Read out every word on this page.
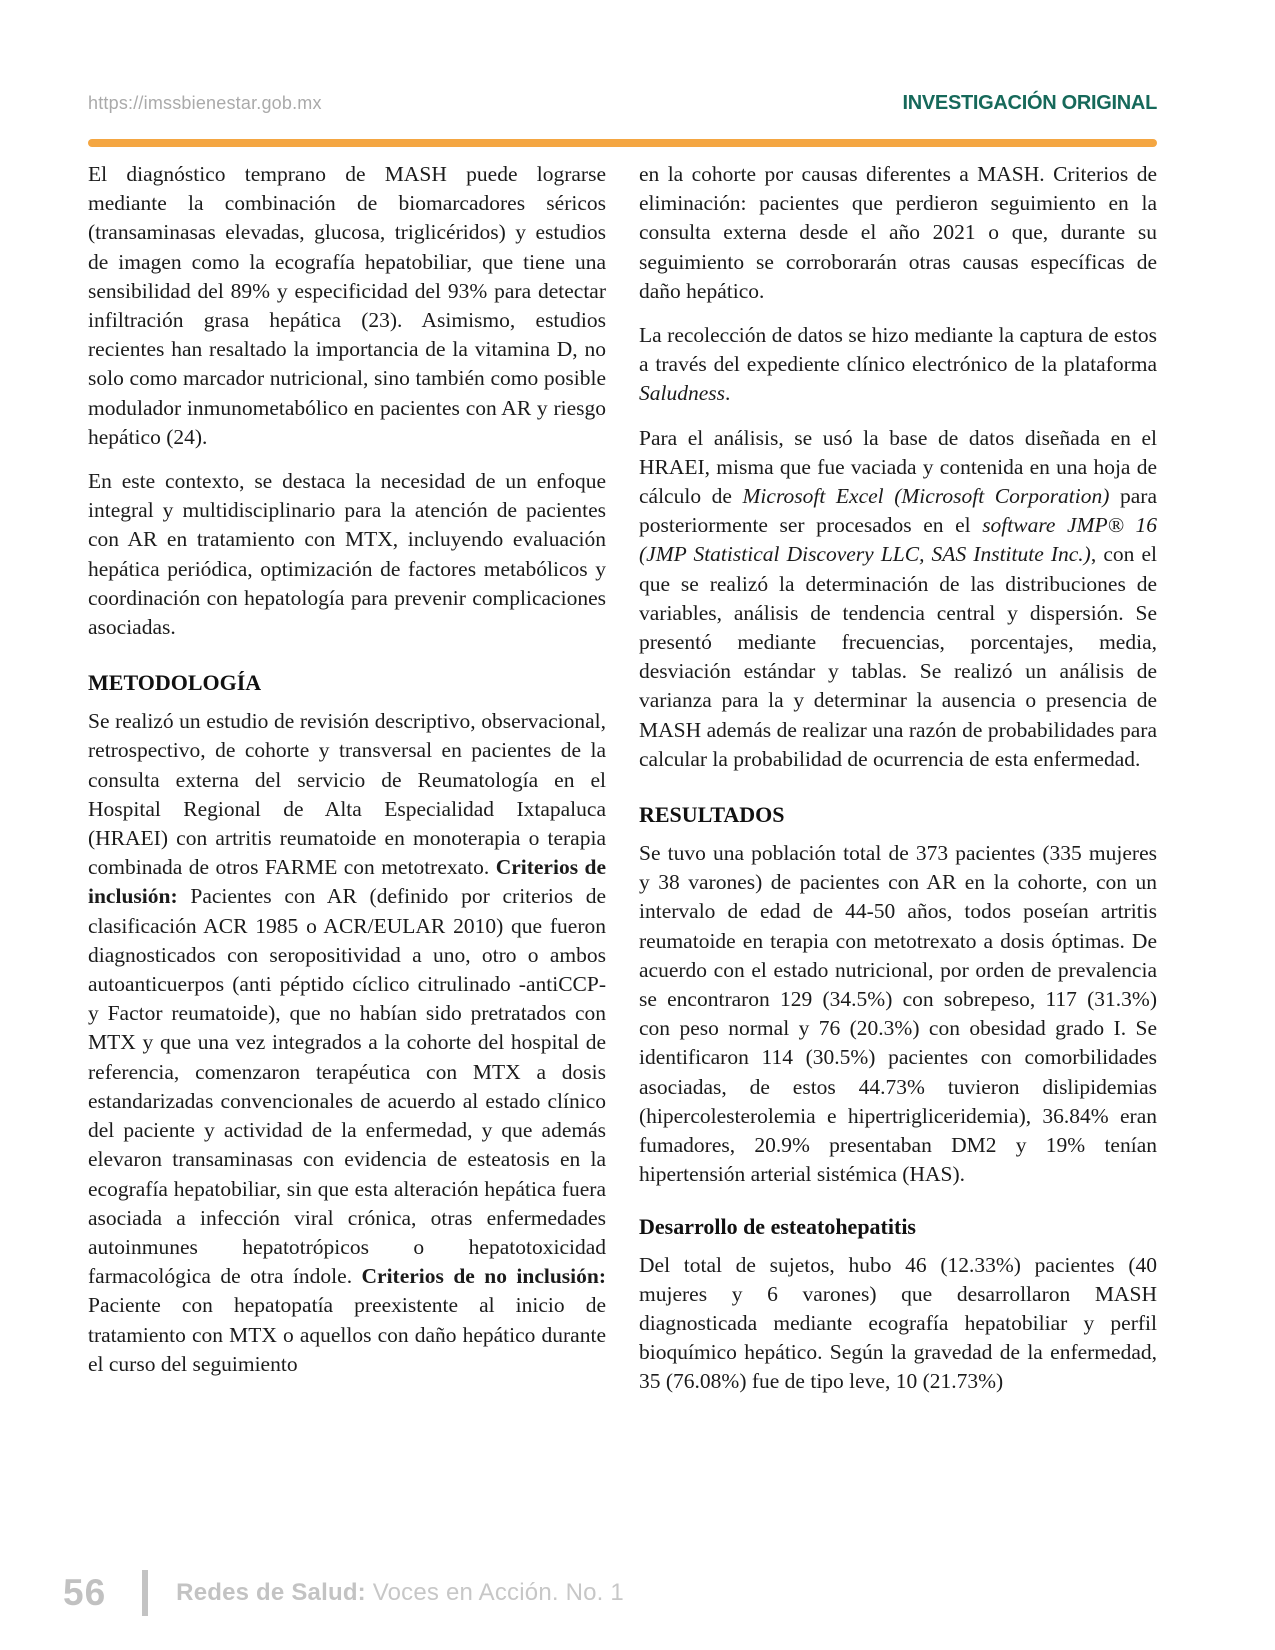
https://imssbienestar.gob.mx	INVESTIGACIÓN ORIGINAL

El diagnóstico temprano de MASH puede lograrse mediante la combinación de biomarcadores séricos (transaminasas elevadas, glucosa, triglicéridos) y estudios de imagen como la ecografía hepatobiliar, que tiene una sensibilidad del 89% y especificidad del 93% para detectar infiltración grasa hepática (23). Asimismo, estudios recientes han resaltado la importancia de la vitamina D, no solo como marcador nutricional, sino también como posible modulador inmunometabólico en pacientes con AR y riesgo hepático (24).

En este contexto, se destaca la necesidad de un enfoque integral y multidisciplinario para la atención de pacientes con AR en tratamiento con MTX, incluyendo evaluación hepática periódica, optimización de factores metabólicos y coordinación con hepatología para prevenir complicaciones asociadas.

METODOLOGÍA

Se realizó un estudio de revisión descriptivo, observacional, retrospectivo, de cohorte y transversal en pacientes de la consulta externa del servicio de Reumatología en el Hospital Regional de Alta Especialidad Ixtapaluca (HRAEI) con artritis reumatoide en monoterapia o terapia combinada de otros FARME con metotrexato. Criterios de inclusión: Pacientes con AR (definido por criterios de clasificación ACR 1985 o ACR/EULAR 2010) que fueron diagnosticados con seropositividad a uno, otro o ambos autoanticuerpos (anti péptido cíclico citrulinado -antiCCP- y Factor reumatoide), que no habían sido pretratados con MTX y que una vez integrados a la cohorte del hospital de referencia, comenzaron terapéutica con MTX a dosis estandarizadas convencionales de acuerdo al estado clínico del paciente y actividad de la enfermedad, y que además elevaron transaminasas con evidencia de esteatosis en la ecografía hepatobiliar, sin que esta alteración hepática fuera asociada a infección viral crónica, otras enfermedades autoinmunes hepatotrópicos o hepatotoxicidad farmacológica de otra índole. Criterios de no inclusión: Paciente con hepatopatía preexistente al inicio de tratamiento con MTX o aquellos con daño hepático durante el curso del seguimiento

en la cohorte por causas diferentes a MASH. Criterios de eliminación: pacientes que perdieron seguimiento en la consulta externa desde el año 2021 o que, durante su seguimiento se corroborarán otras causas específicas de daño hepático.

La recolección de datos se hizo mediante la captura de estos a través del expediente clínico electrónico de la plataforma Saludness.

Para el análisis, se usó la base de datos diseñada en el HRAEI, misma que fue vaciada y contenida en una hoja de cálculo de Microsoft Excel (Microsoft Corporation) para posteriormente ser procesados en el software JMP® 16 (JMP Statistical Discovery LLC, SAS Institute Inc.), con el que se realizó la determinación de las distribuciones de variables, análisis de tendencia central y dispersión. Se presentó mediante frecuencias, porcentajes, media, desviación estándar y tablas. Se realizó un análisis de varianza para la y determinar la ausencia o presencia de MASH además de realizar una razón de probabilidades para calcular la probabilidad de ocurrencia de esta enfermedad.

RESULTADOS

Se tuvo una población total de 373 pacientes (335 mujeres y 38 varones) de pacientes con AR en la cohorte, con un intervalo de edad de 44-50 años, todos poseían artritis reumatoide en terapia con metotrexato a dosis óptimas. De acuerdo con el estado nutricional, por orden de prevalencia se encontraron 129 (34.5%) con sobrepeso, 117 (31.3%) con peso normal y 76 (20.3%) con obesidad grado I. Se identificaron 114 (30.5%) pacientes con comorbilidades asociadas, de estos 44.73% tuvieron dislipidemias (hipercolesterolemia e hipertrigliceridemia), 36.84% eran fumadores, 20.9% presentaban DM2 y 19% tenían hipertensión arterial sistémica (HAS).

Desarrollo de esteatohepatitis

Del total de sujetos, hubo 46 (12.33%) pacientes (40 mujeres y 6 varones) que desarrollaron MASH diagnosticada mediante ecografía hepatobiliar y perfil bioquímico hepático. Según la gravedad de la enfermedad, 35 (76.08%) fue de tipo leve, 10 (21.73%)

56	Redes de Salud: Voces en Acción. No. 1
